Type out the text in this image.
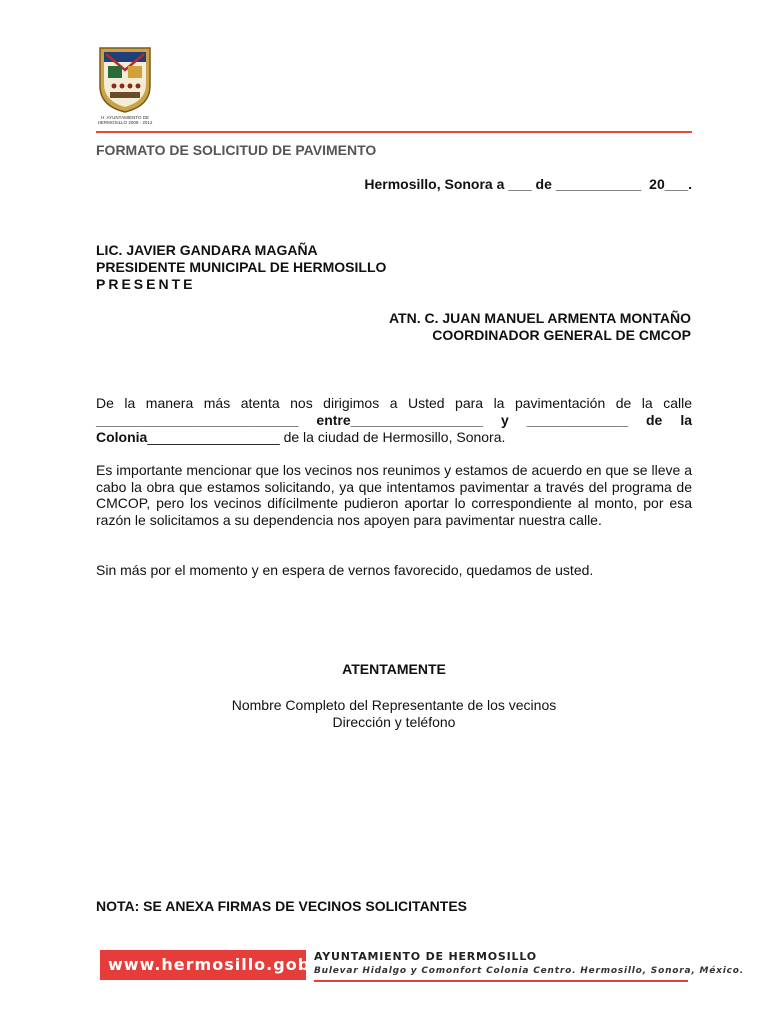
H. AYUNTAMIENTO DE HERMOSILLO 2009 - 2012
FORMATO DE SOLICITUD DE PAVIMENTO
Hermosillo, Sonora a ___ de ___________  20___.
LIC. JAVIER GANDARA MAGAÑA
PRESIDENTE MUNICIPAL DE HERMOSILLO
PRESENTE
ATN. C. JUAN MANUEL ARMENTA MONTAÑO
COORDINADOR GENERAL DE CMCOP
De la manera más atenta nos dirigimos a Usted para la pavimentación de la calle
__________________________ entre_________________ y _____________ de la
Colonia_________________ de la ciudad de Hermosillo, Sonora.
Es importante mencionar que los vecinos nos reunimos y estamos de acuerdo en que se lleve a cabo la obra que estamos solicitando, ya que intentamos pavimentar a través del programa de CMCOP, pero los vecinos difícilmente pudieron aportar lo correspondiente al monto, por esa razón le solicitamos a su dependencia nos apoyen para pavimentar nuestra calle.
Sin más por el momento y en espera de vernos favorecido, quedamos de usted.
ATENTAMENTE
Nombre Completo del Representante de los vecinos
Dirección y teléfono
NOTA: SE ANEXA FIRMAS DE VECINOS SOLICITANTES
www.hermosillo.gob.mx
AYUNTAMIENTO DE HERMOSILLO
Bulevar Hidalgo y Comonfort Colonia Centro. Hermosillo, Sonora, México.
